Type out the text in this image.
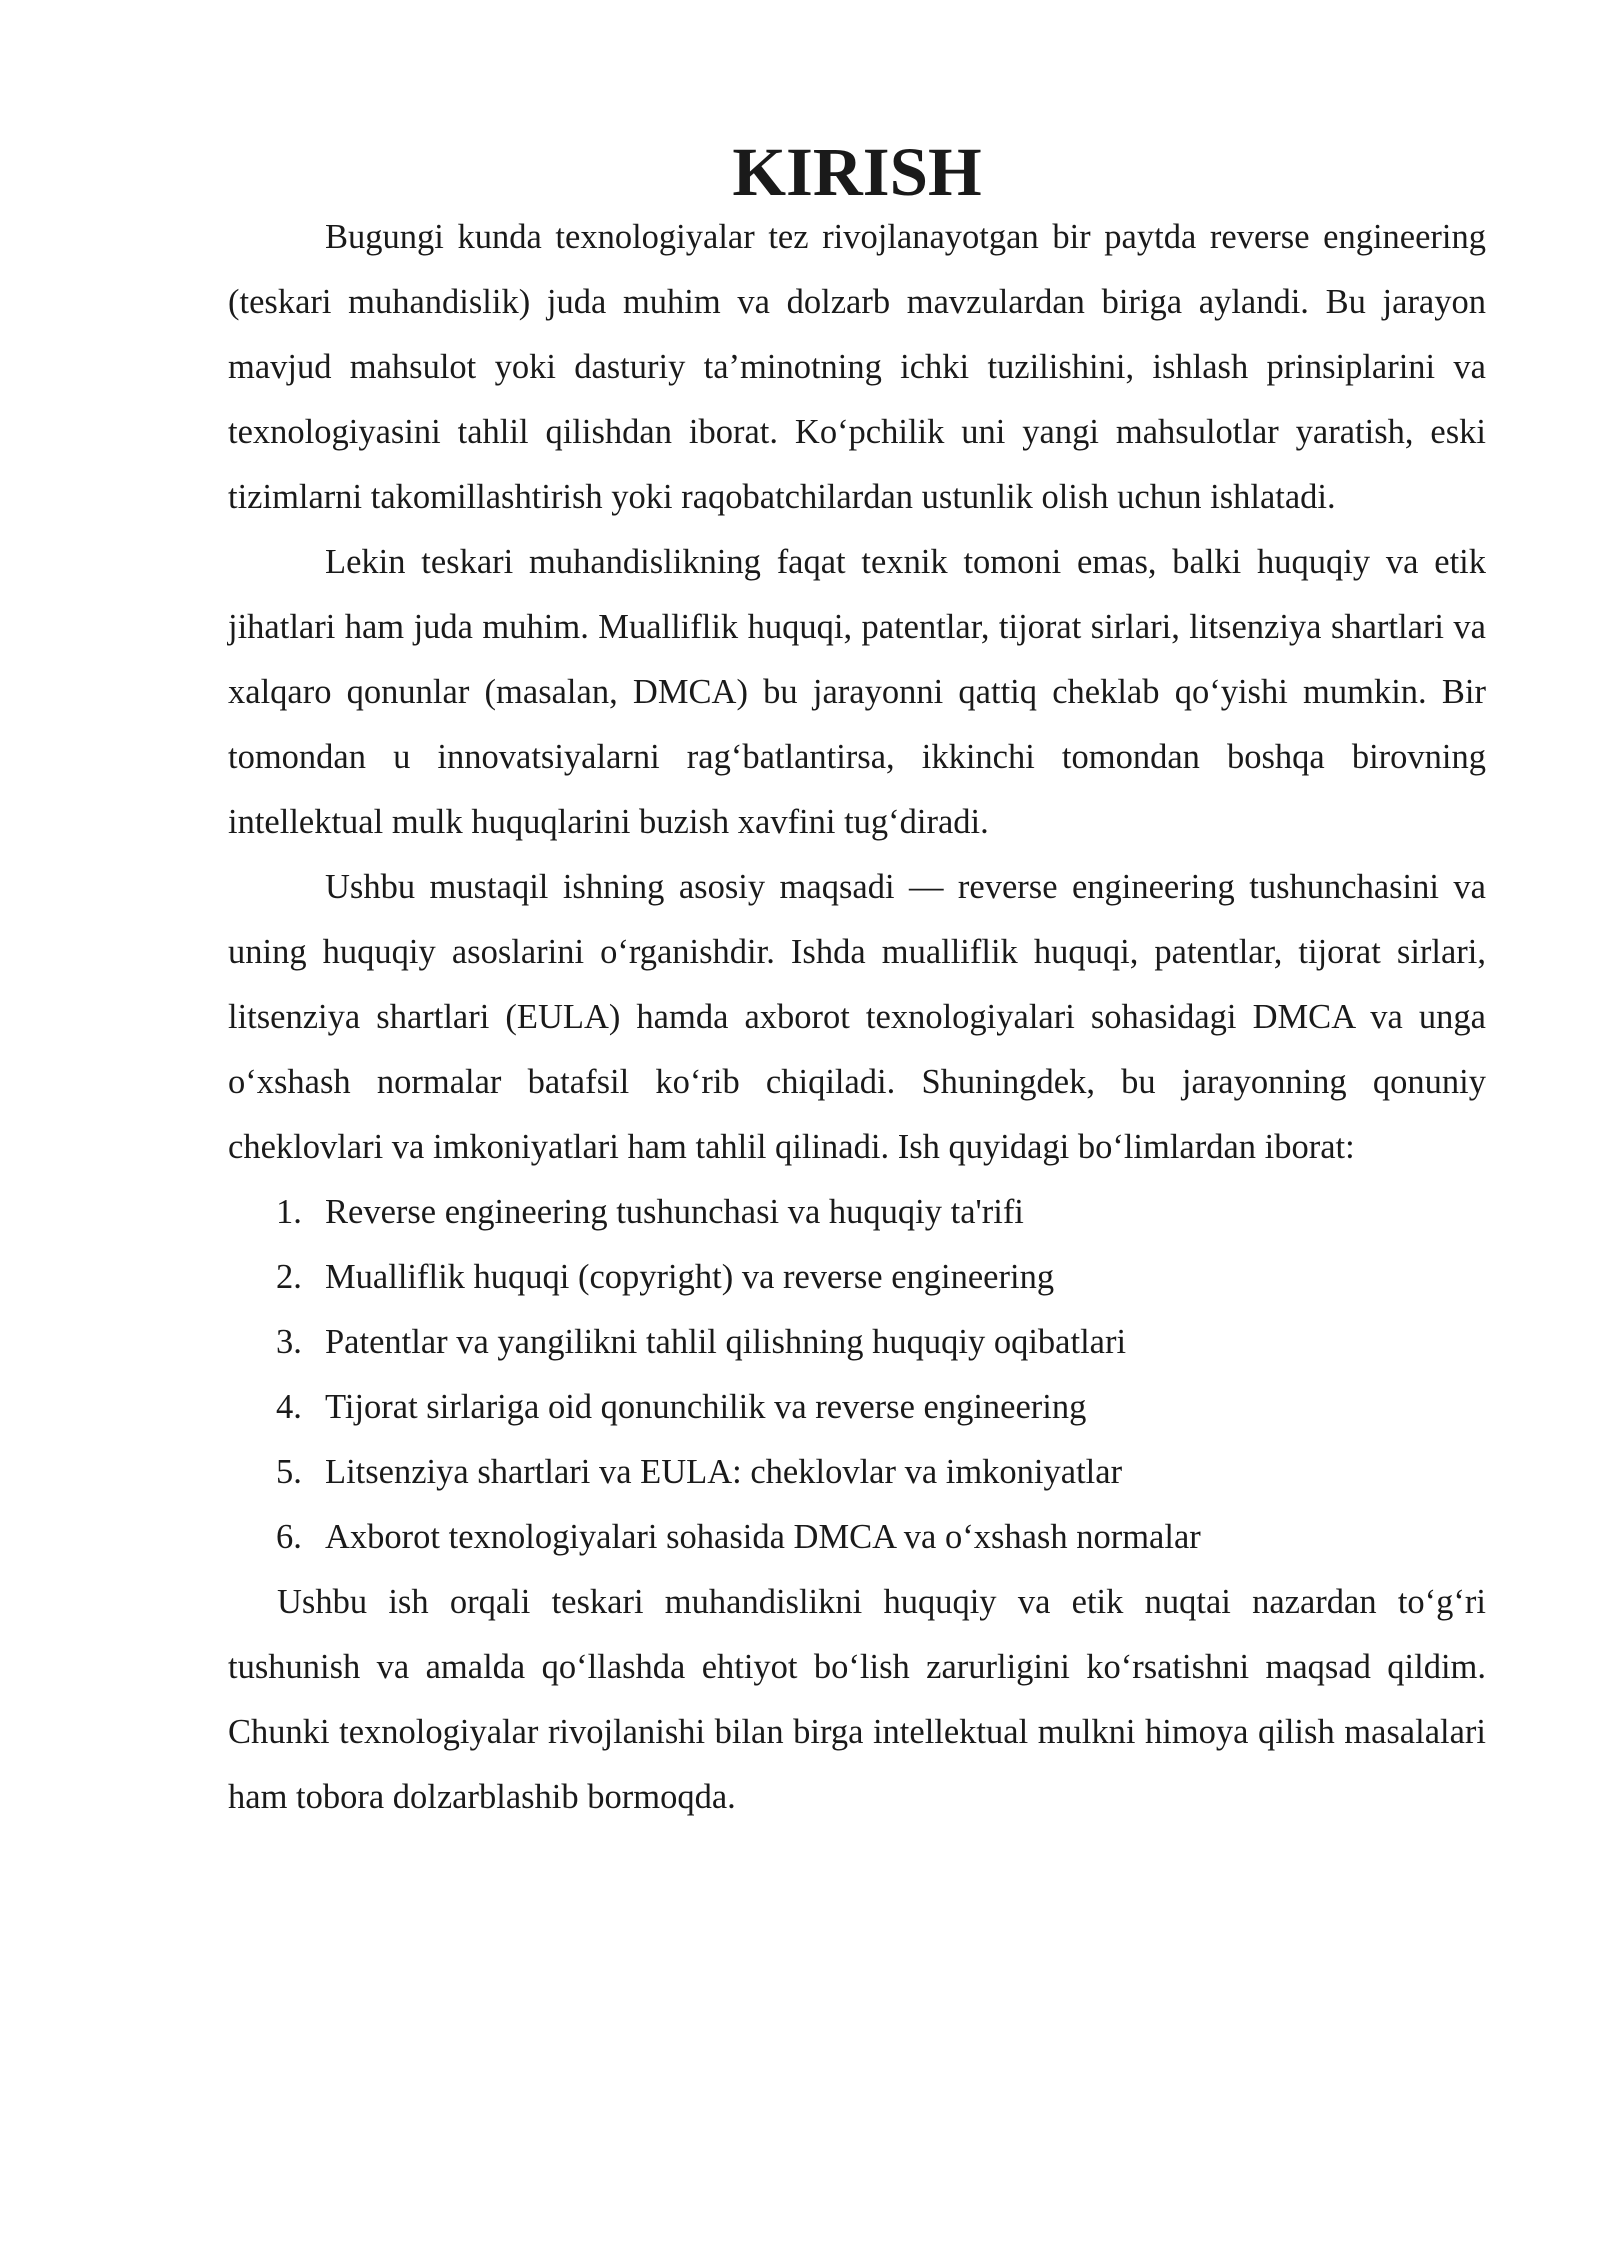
KIRISH

Bugungi kunda texnologiyalar tez rivojlanayotgan bir paytda reverse engineering (teskari muhandislik) juda muhim va dolzarb mavzulardan biriga aylandi. Bu jarayon mavjud mahsulot yoki dasturiy ta’minotning ichki tuzilishini, ishlash prinsiplarini va texnologiyasini tahlil qilishdan iborat. Ko‘pchilik uni yangi mahsulotlar yaratish, eski tizimlarni takomillashtirish yoki raqobatchilardan ustunlik olish uchun ishlatadi.

Lekin teskari muhandislikning faqat texnik tomoni emas, balki huquqiy va etik jihatlari ham juda muhim. Mualliflik huquqi, patentlar, tijorat sirlari, litsenziya shartlari va xalqaro qonunlar (masalan, DMCA) bu jarayonni qattiq cheklab qo‘yishi mumkin. Bir tomondan u innovatsiyalarni rag‘batlantirsa, ikkinchi tomondan boshqa birovning intellektual mulk huquqlarini buzish xavfini tug‘diradi.

Ushbu mustaqil ishning asosiy maqsadi — reverse engineering tushunchasini va uning huquqiy asoslarini o‘rganishdir. Ishda mualliflik huquqi, patentlar, tijorat sirlari, litsenziya shartlari (EULA) hamda axborot texnologiyalari sohasidagi DMCA va unga o‘xshash normalar batafsil ko‘rib chiqiladi. Shuningdek, bu jarayonning qonuniy cheklovlari va imkoniyatlari ham tahlil qilinadi. Ish quyidagi bo‘limlardan iborat:

1. Reverse engineering tushunchasi va huquqiy ta'rifi
2. Mualliflik huquqi (copyright) va reverse engineering
3. Patentlar va yangilikni tahlil qilishning huquqiy oqibatlari
4. Tijorat sirlariga oid qonunchilik va reverse engineering
5. Litsenziya shartlari va EULA: cheklovlar va imkoniyatlar
6. Axborot texnologiyalari sohasida DMCA va o‘xshash normalar

Ushbu ish orqali teskari muhandislikni huquqiy va etik nuqtai nazardan to‘g‘ri tushunish va amalda qo‘llashda ehtiyot bo‘lish zarurligini ko‘rsatishni maqsad qildim. Chunki texnologiyalar rivojlanishi bilan birga intellektual mulkni himoya qilish masalalari ham tobora dolzarblashib bormoqda.
